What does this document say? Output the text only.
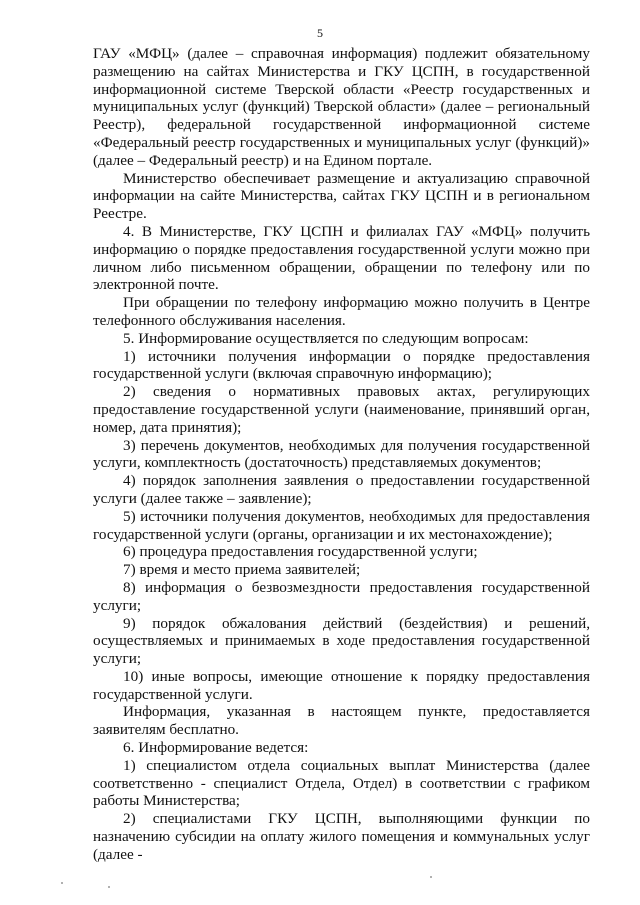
5

ГАУ «МФЦ» (далее – справочная информация) подлежит обязательному размещению на сайтах Министерства и ГКУ ЦСПН, в государственной информационной системе Тверской области «Реестр государственных и муниципальных услуг (функций) Тверской области» (далее – региональный Реестр), федеральной государственной информационной системе «Федеральный реестр государственных и муниципальных услуг (функций)» (далее – Федеральный реестр) и на Едином портале.

Министерство обеспечивает размещение и актуализацию справочной информации на сайте Министерства, сайтах ГКУ ЦСПН и в региональном Реестре.

4. В Министерстве, ГКУ ЦСПН и филиалах ГАУ «МФЦ» получить информацию о порядке предоставления государственной услуги можно при личном либо письменном обращении, обращении по телефону или по электронной почте.

При обращении по телефону информацию можно получить в Центре телефонного обслуживания населения.

5. Информирование осуществляется по следующим вопросам:

1) источники получения информации о порядке предоставления государственной услуги (включая справочную информацию);

2) сведения о нормативных правовых актах, регулирующих предоставление государственной услуги (наименование, принявший орган, номер, дата принятия);

3) перечень документов, необходимых для получения государственной услуги, комплектность (достаточность) представляемых документов;

4) порядок заполнения заявления о предоставлении государственной услуги (далее также – заявление);

5) источники получения документов, необходимых для предоставления государственной услуги (органы, организации и их местонахождение);

6) процедура предоставления государственной услуги;

7) время и место приема заявителей;

8) информация о безвозмездности предоставления государственной услуги;

9) порядок обжалования действий (бездействия) и решений, осуществляемых и принимаемых в ходе предоставления государственной услуги;

10) иные вопросы, имеющие отношение к порядку предоставления государственной услуги.

Информация, указанная в настоящем пункте, предоставляется заявителям бесплатно.

6. Информирование ведется:

1) специалистом отдела социальных выплат Министерства (далее соответственно - специалист Отдела, Отдел) в соответствии с графиком работы Министерства;

2) специалистами ГКУ ЦСПН, выполняющими функции по назначению субсидии на оплату жилого помещения и коммунальных услуг (далее -
